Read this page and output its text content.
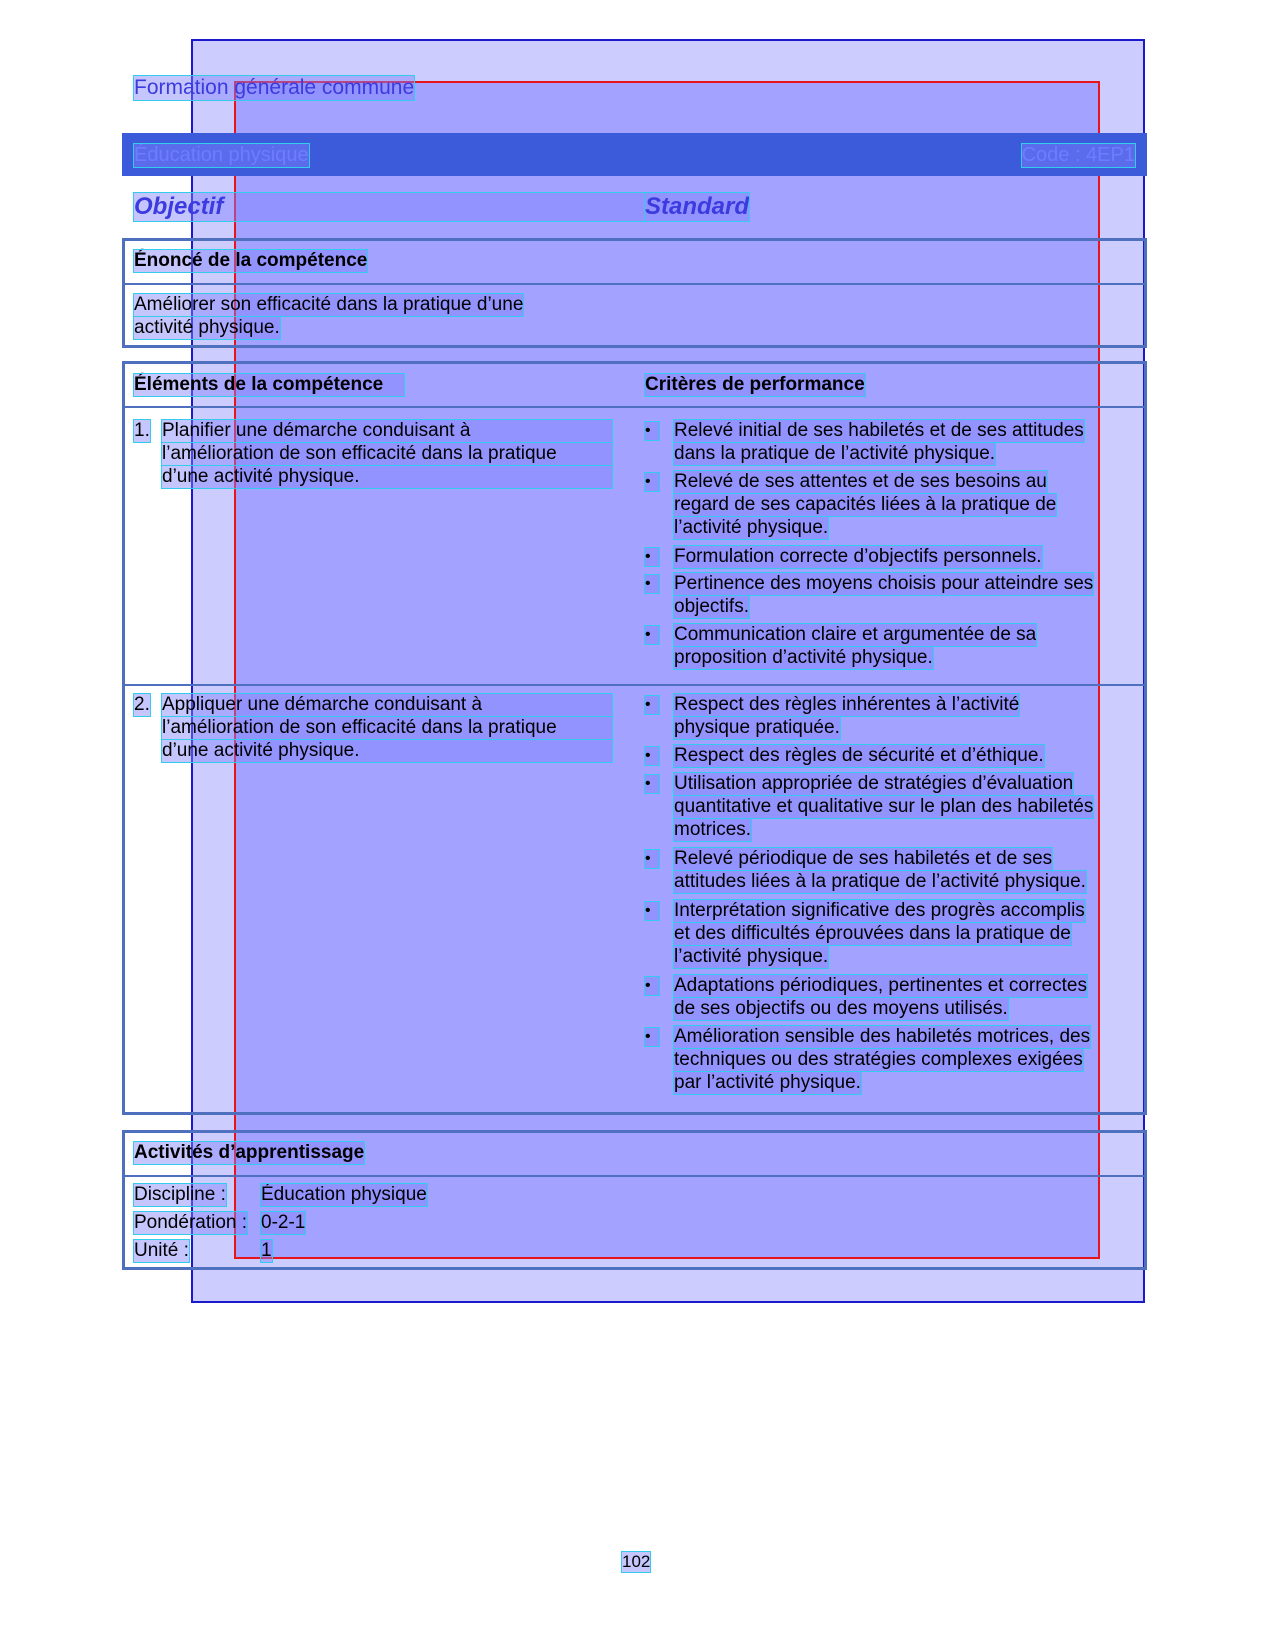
Formation générale commune
Éducation physique	Code : 4EP1
Objectif	Standard
Énoncé de la compétence
Améliorer son efficacité dans la pratique d’une
activité physique.
Éléments de la compétence	Critères de performance
1. Planifier une démarche conduisant à
l’amélioration de son efficacité dans la pratique
d’une activité physique.
•	Relevé initial de ses habiletés et de ses attitudes
dans la pratique de l’activité physique.
•	Relevé de ses attentes et de ses besoins au
regard de ses capacités liées à la pratique de
l’activité physique.
•	Formulation correcte d’objectifs personnels.
•	Pertinence des moyens choisis pour atteindre ses
objectifs.
•	Communication claire et argumentée de sa
proposition d’activité physique.
2. Appliquer une démarche conduisant à
l’amélioration de son efficacité dans la pratique
d’une activité physique.
•	Respect des règles inhérentes à l’activité
physique pratiquée.
•	Respect des règles de sécurité et d’éthique.
•	Utilisation appropriée de stratégies d’évaluation
quantitative et qualitative sur le plan des habiletés
motrices.
•	Relevé périodique de ses habiletés et de ses
attitudes liées à la pratique de l’activité physique.
•	Interprétation significative des progrès accomplis
et des difficultés éprouvées dans la pratique de
l’activité physique.
•	Adaptations périodiques, pertinentes et correctes
de ses objectifs ou des moyens utilisés.
•	Amélioration sensible des habiletés motrices, des
techniques ou des stratégies complexes exigées
par l’activité physique.
Activités d’apprentissage
Discipline : Éducation physique
Pondération : 0-2-1
Unité :	1
102
